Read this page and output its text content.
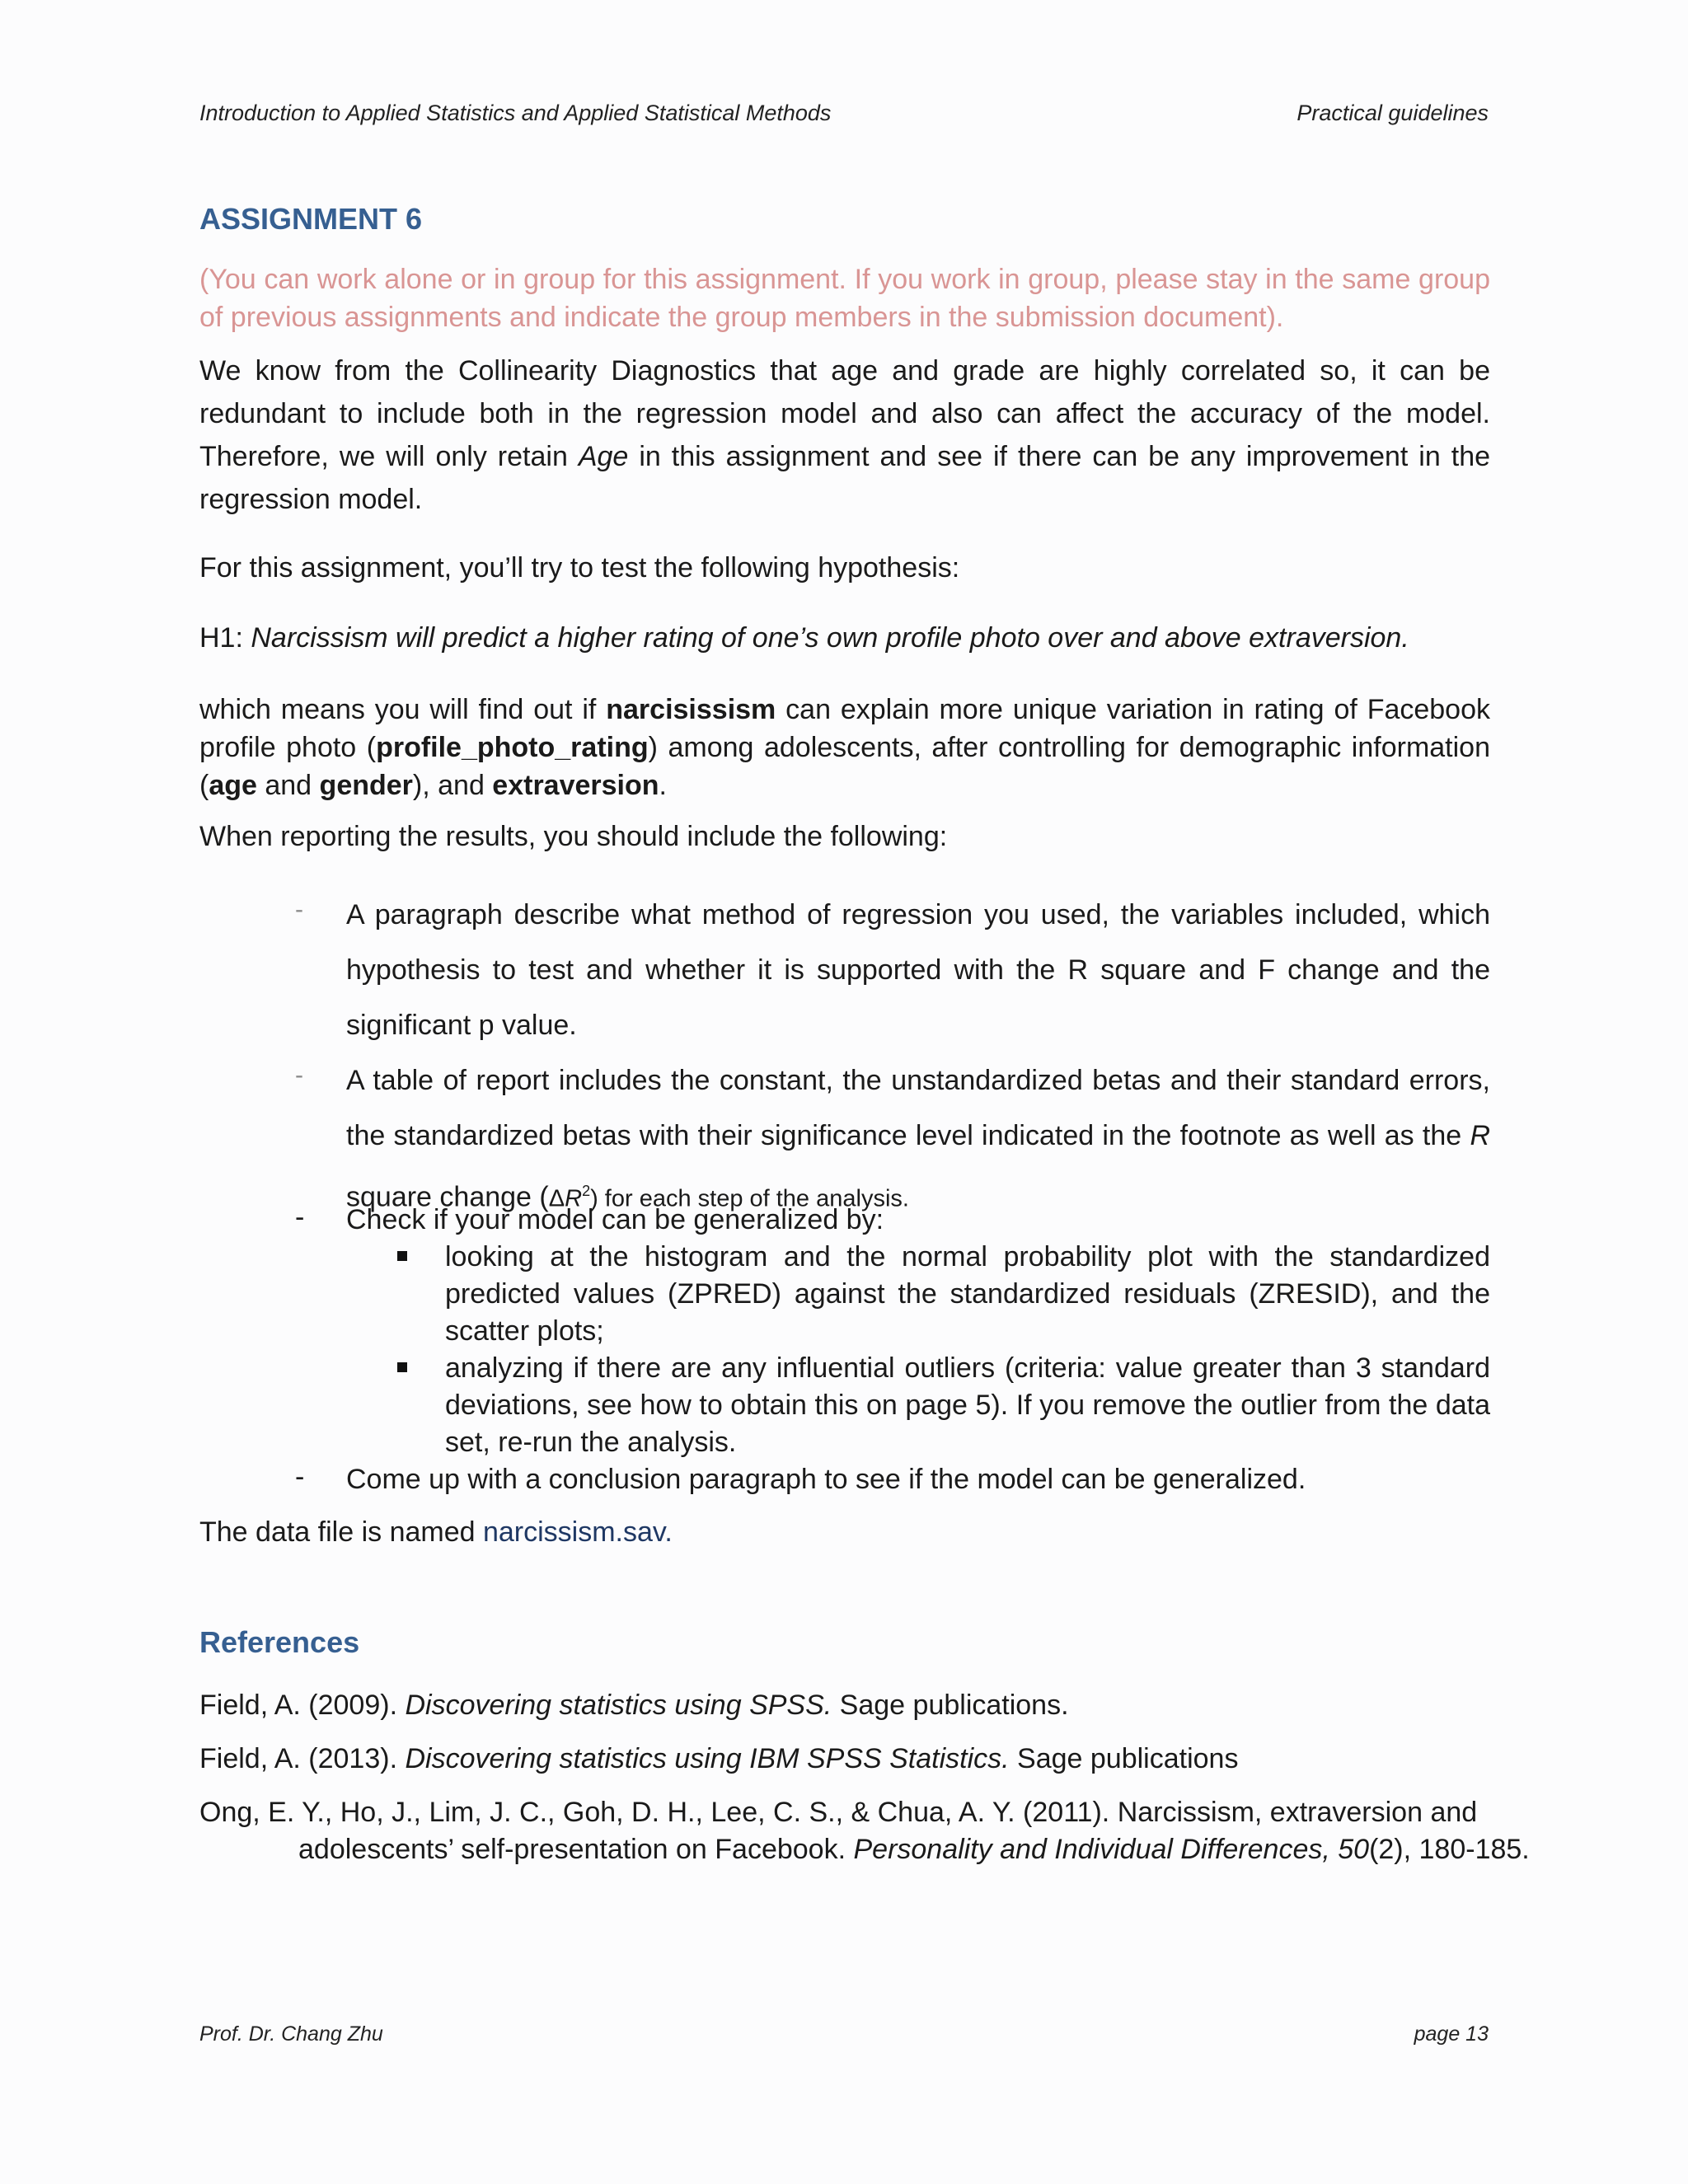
Introduction to Applied Statistics and Applied Statistical Methods	Practical guidelines
ASSIGNMENT 6
(You can work alone or in group for this assignment. If you work in group, please stay in the same group of previous assignments and indicate the group members in the submission document).
We know from the Collinearity Diagnostics that age and grade are highly correlated so, it can be redundant to include both in the regression model and also can affect the accuracy of the model. Therefore, we will only retain Age in this assignment and see if there can be any improvement in the regression model.
For this assignment, you’ll try to test the following hypothesis:
H1: Narcissism will predict a higher rating of one’s own profile photo over and above extraversion.
which means you will find out if narcisissism can explain more unique variation in rating of Facebook profile photo (profile_photo_rating) among adolescents, after controlling for demographic information (age and gender), and extraversion.
When reporting the results, you should include the following:
- A paragraph describe what method of regression you used, the variables included, which hypothesis to test and whether it is supported with the R square and F change and the significant p value.
- A table of report includes the constant, the unstandardized betas and their standard errors, the standardized betas with their significance level indicated in the footnote as well as the R square change $(\Delta R^2)$ for each step of the analysis.
- Check if your model can be generalized by:
looking at the histogram and the normal probability plot with the standardized predicted values (ZPRED) against the standardized residuals (ZRESID), and the scatter plots;
analyzing if there are any influential outliers (criteria: value greater than 3 standard deviations, see how to obtain this on page 5). If you remove the outlier from the data set, re-run the analysis.
- Come up with a conclusion paragraph to see if the model can be generalized.
The data file is named narcissism.sav.
References
Field, A. (2009). Discovering statistics using SPSS. Sage publications.
Field, A. (2013). Discovering statistics using IBM SPSS Statistics. Sage publications
Ong, E. Y., Ho, J., Lim, J. C., Goh, D. H., Lee, C. S., & Chua, A. Y. (2011). Narcissism, extraversion and adolescents’ self-presentation on Facebook. Personality and Individual Differences, 50(2), 180-185.
Prof. Dr. Chang Zhu	page 13
